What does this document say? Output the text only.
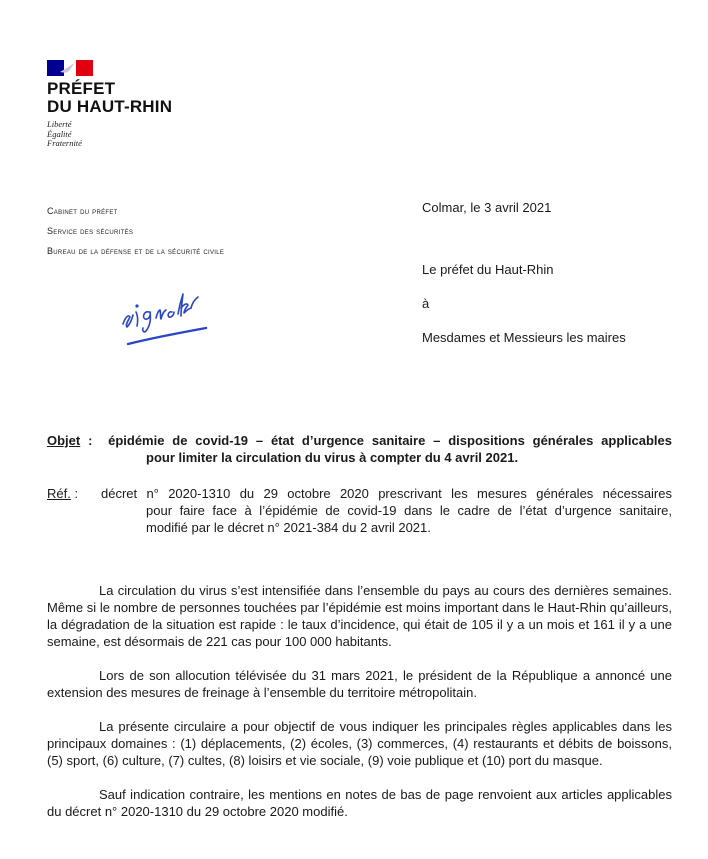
PRÉFET
DU HAUT-RHIN
Liberté
Égalité
Fraternité
Cabinet du préfet
Service des sécurités
Bureau de la défense et de la sécurité civile
Colmar, le 3 avril 2021
Le préfet du Haut-Rhin
à
Mesdames et Messieurs les maires
Objet : épidémie de covid-19 – état d’urgence sanitaire – dispositions générales applicables
pour limiter la circulation du virus à compter du 4 avril 2021.
Réf. :	décret n° 2020-1310 du 29 octobre 2020 prescrivant les mesures générales nécessaires
pour faire face à l’épidémie de covid-19 dans le cadre de l’état d’urgence sanitaire,
modifié par le décret n° 2021-384 du 2 avril 2021.

La circulation du virus s’est intensifiée dans l’ensemble du pays au cours des dernières semaines. Même si le nombre de personnes touchées par l’épidémie est moins important dans le Haut-Rhin qu’ailleurs, la dégradation de la situation est rapide : le taux d’incidence, qui était de 105 il y a un mois et 161 il y a une semaine, est désormais de 221 cas pour 100 000 habitants.

Lors de son allocution télévisée du 31 mars 2021, le président de la République a annoncé une extension des mesures de freinage à l’ensemble du territoire métropolitain.

La présente circulaire a pour objectif de vous indiquer les principales règles applicables dans les principaux domaines : (1) déplacements, (2) écoles, (3) commerces, (4) restaurants et débits de boissons, (5) sport, (6) culture, (7) cultes, (8) loisirs et vie sociale, (9) voie publique et (10) port du masque.

Sauf indication contraire, les mentions en notes de bas de page renvoient aux articles applicables du décret n° 2020-1310 du 29 octobre 2020 modifié.
